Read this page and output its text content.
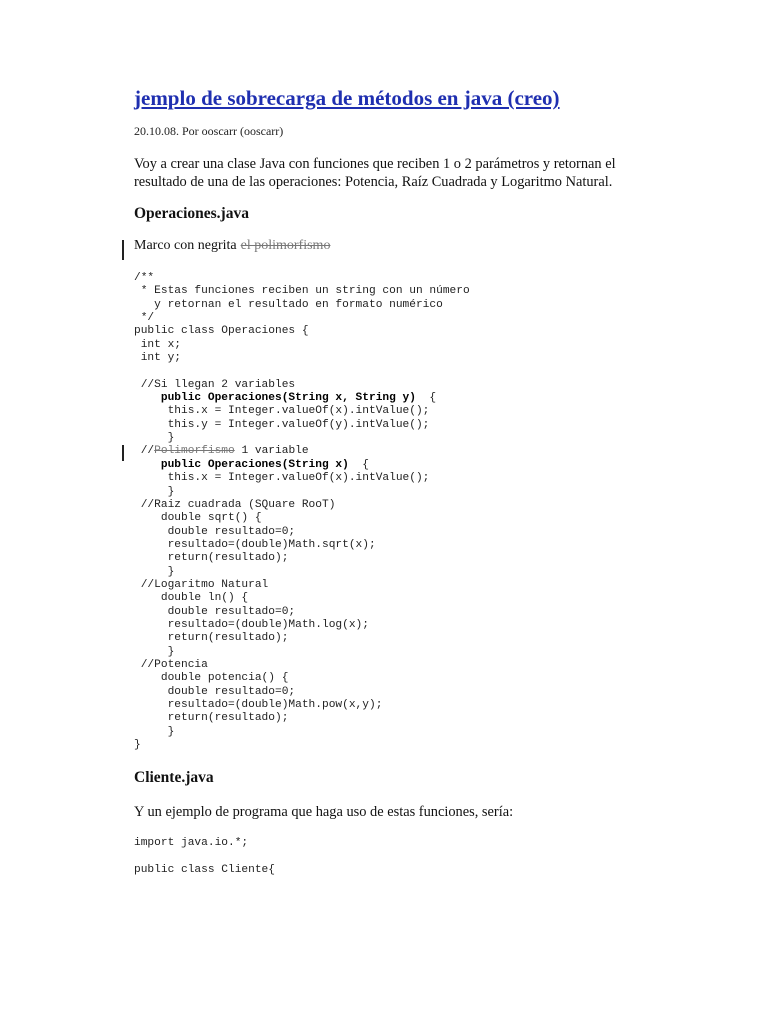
jemplo de sobrecarga de métodos en java (creo)
20.10.08. Por ooscarr (ooscarr)

Voy a crear una clase Java con funciones que reciben 1 o 2 parámetros y retornan el resultado de una de las operaciones: Potencia, Raíz Cuadrada y Logaritmo Natural.

Operaciones.java
Marco con negrita el polimorfismo
/**
* Estas funciones reciben un string con un número
y retornan el resultado en formato numérico
*/
public class Operaciones {
int x;
int y;

//Si llegan 2 variables
public Operaciones(String x, String y)  {
this.x = Integer.valueOf(x).intValue();
this.y = Integer.valueOf(y).intValue();
}
//Polimorfismo 1 variable
public Operaciones(String x)  {
this.x = Integer.valueOf(x).intValue();
}
//Raiz cuadrada (SQuare RooT)
double sqrt() {
double resultado=0;
resultado=(double)Math.sqrt(x);
return(resultado);
}
//Logaritmo Natural
double ln() {
double resultado=0;
resultado=(double)Math.log(x);
return(resultado);
}
//Potencia
double potencia() {
double resultado=0;
resultado=(double)Math.pow(x,y);
return(resultado);
}
}
Cliente.java

Y un ejemplo de programa que haga uso de estas funciones, sería:

import java.io.*;

public class Cliente{
